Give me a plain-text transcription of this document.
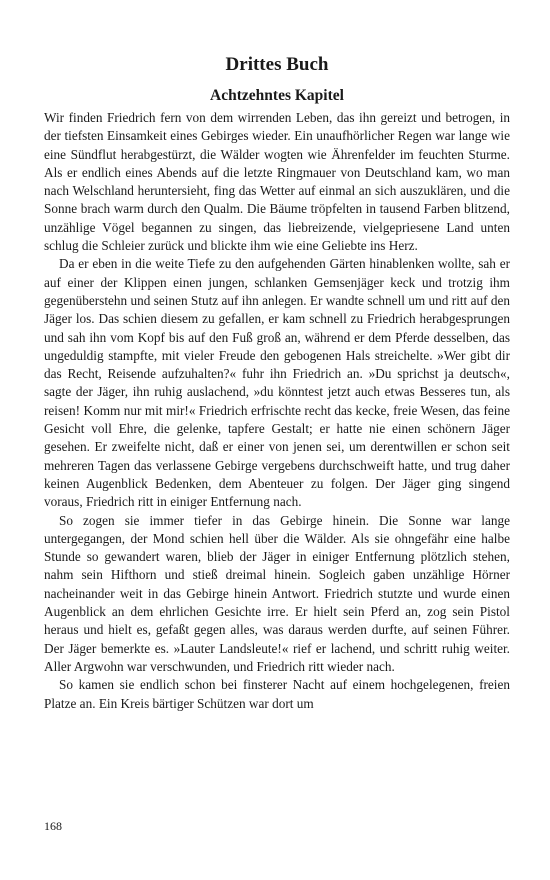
Drittes Buch
Achtzehntes Kapitel

Wir finden Friedrich fern von dem wirrenden Leben, das ihn gereizt und betrogen, in der tiefsten Einsamkeit eines Gebirges wieder. Ein unaufhörlicher Regen war lange wie eine Sündflut herabgestürzt, die Wälder wogten wie Ährenfelder im feuchten Sturme. Als er endlich eines Abends auf die letzte Ringmauer von Deutschland kam, wo man nach Welschland heruntersieht, fing das Wetter auf einmal an sich auszuklären, und die Sonne brach warm durch den Qualm. Die Bäume tröpfelten in tausend Farben blitzend, unzählige Vögel begannen zu singen, das liebreizende, vielgepriesene Land unten schlug die Schleier zurück und blickte ihm wie eine Geliebte ins Herz.

Da er eben in die weite Tiefe zu den aufgehenden Gärten hinablenken wollte, sah er auf einer der Klippen einen jungen, schlanken Gemsenjäger keck und trotzig ihm gegenüberstehn und seinen Stutz auf ihn anlegen. Er wandte schnell um und ritt auf den Jäger los. Das schien diesem zu gefallen, er kam schnell zu Friedrich herabgesprungen und sah ihn vom Kopf bis auf den Fuß groß an, während er dem Pferde desselben, das ungeduldig stampfte, mit vieler Freude den gebogenen Hals streichelte. »Wer gibt dir das Recht, Reisende aufzuhalten?« fuhr ihn Friedrich an. »Du sprichst ja deutsch«, sagte der Jäger, ihn ruhig auslachend, »du könntest jetzt auch etwas Besseres tun, als reisen! Komm nur mit mir!« Friedrich erfrischte recht das kecke, freie Wesen, das feine Gesicht voll Ehre, die gelenke, tapfere Gestalt; er hatte nie einen schönern Jäger gesehen. Er zweifelte nicht, daß er einer von jenen sei, um derentwillen er schon seit mehreren Tagen das verlassene Gebirge vergebens durchschweift hatte, und trug daher keinen Augenblick Bedenken, dem Abenteuer zu folgen. Der Jäger ging singend voraus, Friedrich ritt in einiger Entfernung nach.

So zogen sie immer tiefer in das Gebirge hinein. Die Sonne war lange untergegangen, der Mond schien hell über die Wälder. Als sie ohngefähr eine halbe Stunde so gewandert waren, blieb der Jäger in einiger Entfernung plötzlich stehen, nahm sein Hifthorn und stieß dreimal hinein. Sogleich gaben unzählige Hörner nacheinander weit in das Gebirge hinein Antwort. Friedrich stutzte und wurde einen Augenblick an dem ehrlichen Gesichte irre. Er hielt sein Pferd an, zog sein Pistol heraus und hielt es, gefaßt gegen alles, was daraus werden durfte, auf seinen Führer. Der Jäger bemerkte es. »Lauter Landsleute!« rief er lachend, und schritt ruhig weiter. Aller Argwohn war verschwunden, und Friedrich ritt wieder nach.

So kamen sie endlich schon bei finsterer Nacht auf einem hochgelegenen, freien Platze an. Ein Kreis bärtiger Schützen war dort um

168
